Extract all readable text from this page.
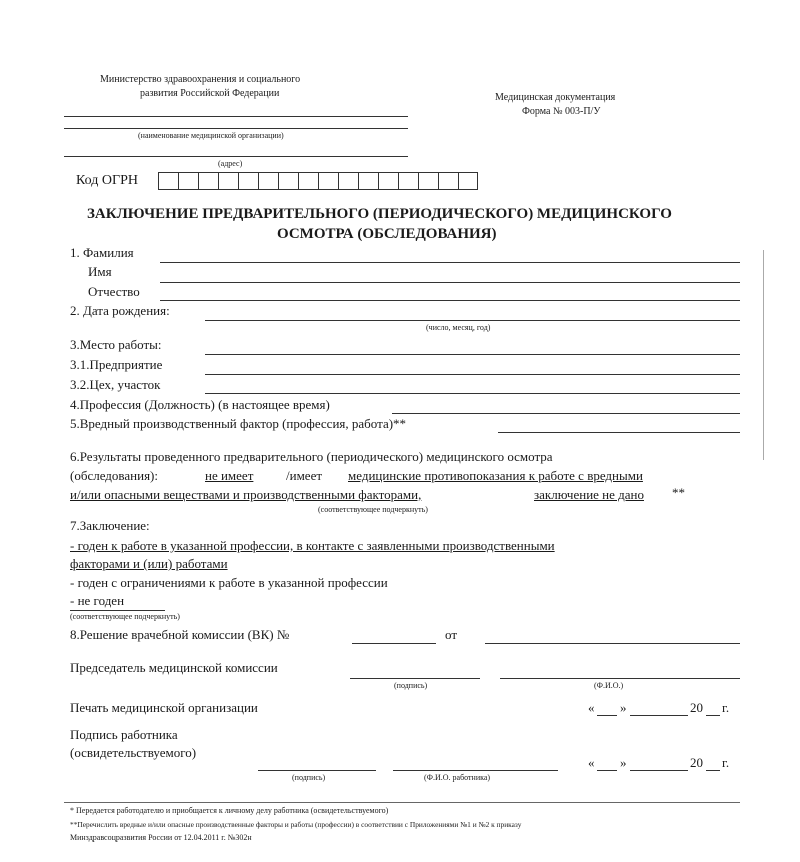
Министерство здравоохранения и социального
развития Российской Федерации
(наименование медицинской организации)
(адрес)
Медицинская документация
Форма № 003-П/У
Код ОГРН
ЗАКЛЮЧЕНИЕ ПРЕДВАРИТЕЛЬНОГО (ПЕРИОДИЧЕСКОГО) МЕДИЦИНСКОГО
ОСМОТРА (ОБСЛЕДОВАНИЯ)
1. Фамилия
Имя
Отчество
2. Дата рождения:
(число, месяц, год)
3.Место работы:
3.1.Предприятие
3.2.Цех, участок
4.Профессия (Должность) (в настоящее время)
5.Вредный производственный фактор (профессия, работа)**
6.Результаты проведенного предварительного (периодического) медицинского осмотра
(обследования):	не имеет	/имеет медицинские противопоказания к работе с вредными
и/или опасными веществами и производственными факторами,	заключение не дано **
(соответствующее подчеркнуть)
7.Заключение:
- годен к работе в указанной профессии, в контакте с заявленными производственными
факторами и (или) работами
- годен с ограничениями к работе в указанной профессии
- не годен
(соответствующее подчеркнуть)
8.Решение врачебной комиссии (ВК) №	от
Председатель медицинской комиссии
(подпись)	(Ф.И.О.)
Печать медицинской организации	« »	20 г.
Подпись работника
(освидетельствуемого)
(подпись)	(Ф.И.О. работника)
« »	20 г.
* Передается работодателю и приобщается к личному делу работника (освидетельствуемого)
**Перечислить вредные и/или опасные производственные факторы и работы (профессии) в соответствии с Приложениями №1 и №2 к приказу
Минздравсоцразвития России от 12.04.2011 г. №302н
